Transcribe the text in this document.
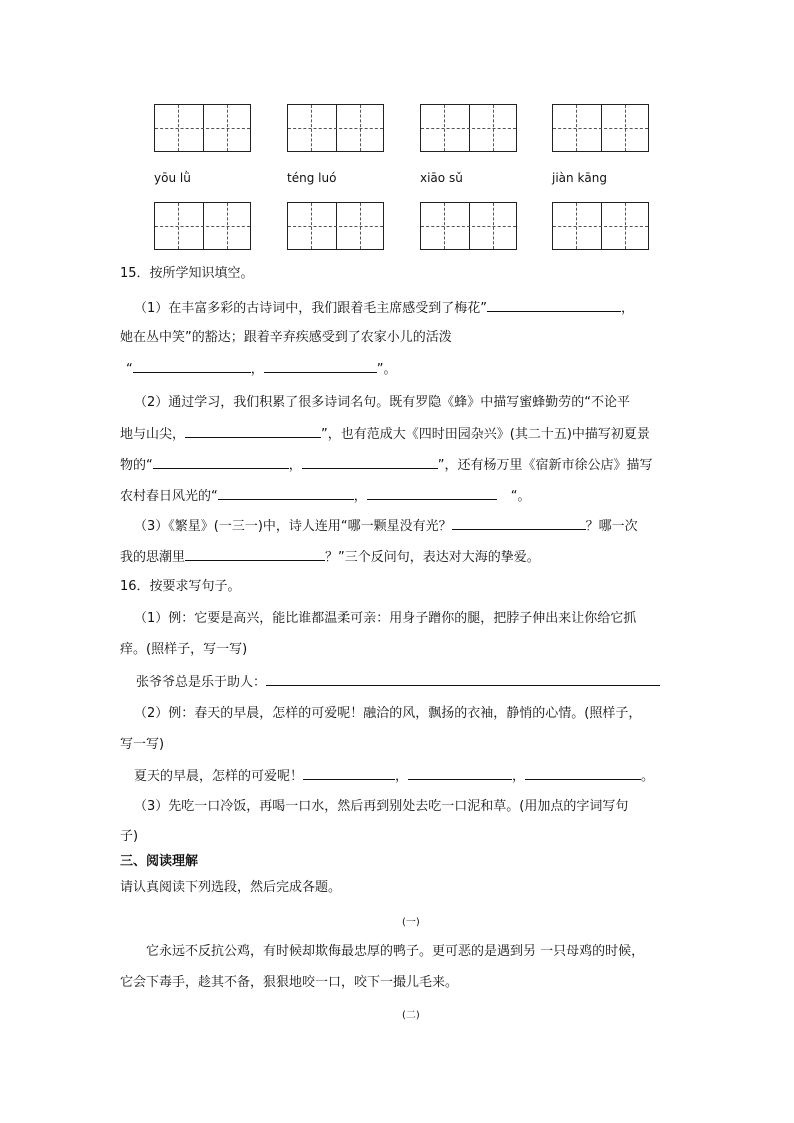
yōu lǜ	téng luó	xiāo sǔ	jiàn kāng
15．按所学知识填空。
（1）在丰富多彩的古诗词中，我们跟着毛主席感受到了梅花”	，
她在丛中笑”的豁达；跟着辛弃疾感受到了农家小儿的活泼
“	，	”。
（2）通过学习，我们积累了很多诗词名句。既有罗隐《蜂》中描写蜜蜂勤劳的“不论平
地与山尖，	”，也有范成大《四时田园杂兴》(其二十五)中描写初夏景
物的“	，	”，还有杨万里《宿新市徐公店》描写
农村春日风光的“	，	“。
（3）《繁星》(一三一)中，诗人连用“哪一颗星没有光？	？哪一次
我的思潮里	？”三个反问句，表达对大海的挚爱。
16．按要求写句子。
（1）例：它要是高兴，能比谁都温柔可亲：用身子蹭你的腿，把脖子伸出来让你给它抓
痒。(照样子，写一写)
张爷爷总是乐于助人：
（2）例：春天的早晨，怎样的可爱呢！融洽的风，飘扬的衣袖，静悄的心情。(照样子，
写一写)
夏天的早晨，怎样的可爱呢！	，	，	。
（3）先吃一口冷饭，再喝一口水，然后再到别处去吃一口泥和草。(用加点的字词写句
子)
三、阅读理解
请认真阅读下列选段，然后完成各题。
(一)
它永远不反抗公鸡，有时候却欺侮最忠厚的鸭子。更可恶的是遇到另 一只母鸡的时候，
它会下毒手，趁其不备，狠狠地咬一口，咬下一撮儿毛来。
(二)
